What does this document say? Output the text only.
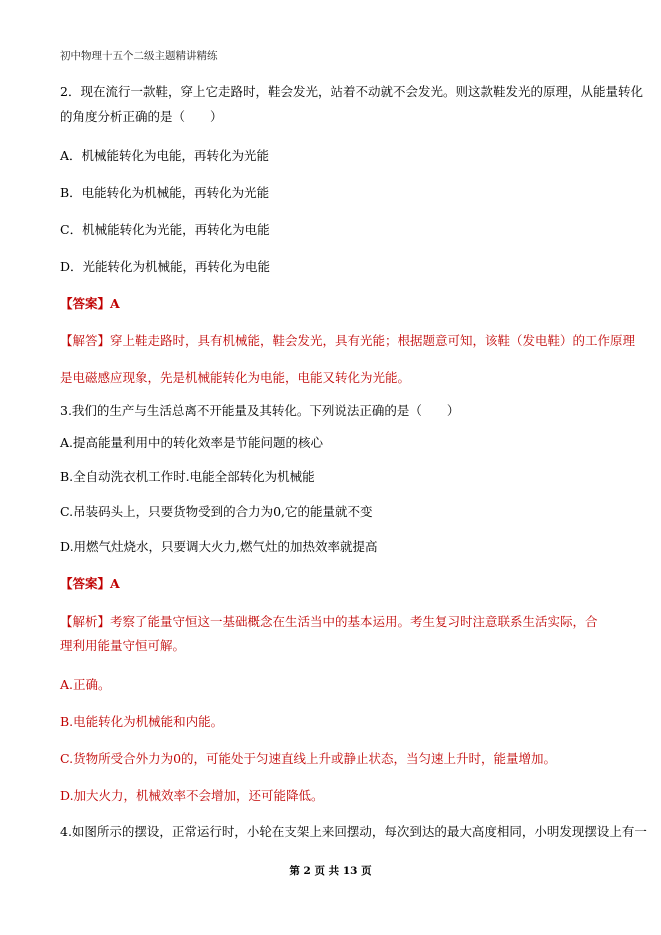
初中物理十五个二级主题精讲精练
2．现在流行一款鞋，穿上它走路时，鞋会发光，站着不动就不会发光。则这款鞋发光的原理，从能量转化
的角度分析正确的是（　　）
A．机械能转化为电能，再转化为光能
B．电能转化为机械能，再转化为光能
C．机械能转化为光能，再转化为电能
D．光能转化为机械能，再转化为电能
【答案】A
【解答】穿上鞋走路时，具有机械能，鞋会发光，具有光能；根据题意可知，该鞋（发电鞋）的工作原理
是电磁感应现象，先是机械能转化为电能，电能又转化为光能。
3.我们的生产与生活总离不开能量及其转化。下列说法正确的是（　　）
A.提高能量利用中的转化效率是节能问题的核心
B.全自动洗衣机工作时.电能全部转化为机械能
C.吊装码头上，只要货物受到的合力为0,它的能量就不变
D.用燃气灶烧水，只要调大火力,燃气灶的加热效率就提高
【答案】A
【解析】考察了能量守恒这一基础概念在生活当中的基本运用。考生复习时注意联系生活实际，合
理利用能量守恒可解。
A.正确。
B.电能转化为机械能和内能。
C.货物所受合外力为0的，可能处于匀速直线上升或静止状态，当匀速上升时，能量增加。
D.加大火力，机械效率不会增加，还可能降低。
4.如图所示的摆设，正常运行时，小轮在支架上来回摆动，每次到达的最大高度相同，小明发现摆设上有一
第 2 页 共 13 页
